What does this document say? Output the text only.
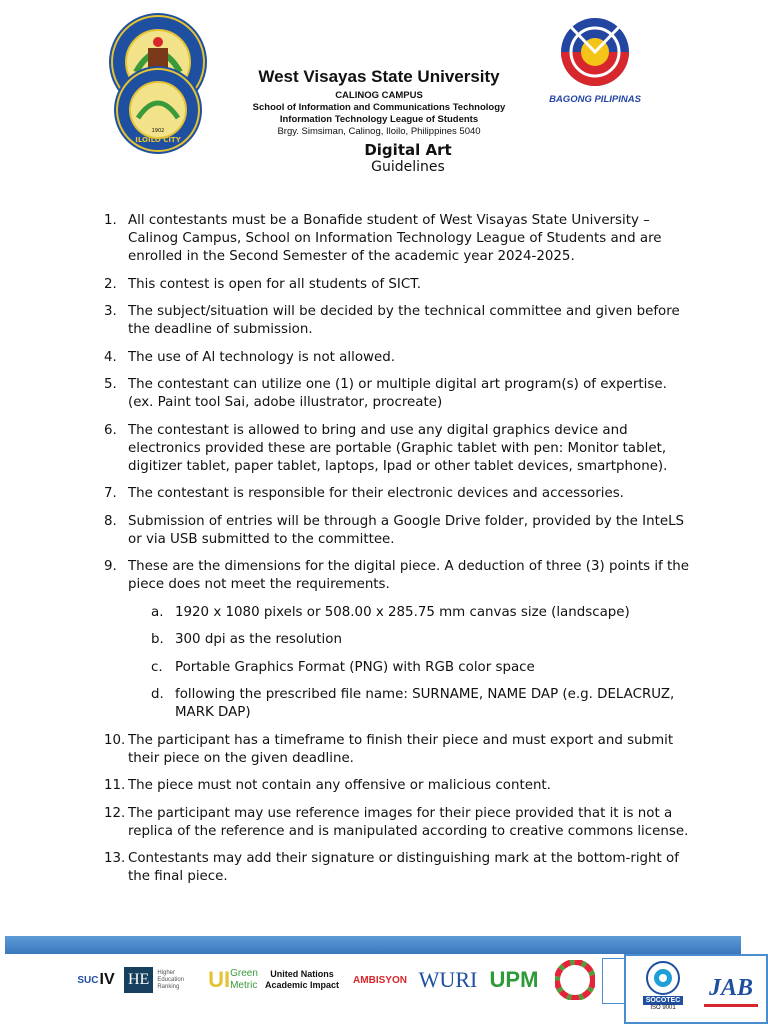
ILOILO CITY
1902
BAGONG PILIPINAS

West Visayas State University

CALINOG CAMPUS

School of Information and Communications Technology

Information Technology League of Students

Brgy. Simsiman, Calinog, Iloilo, Philippines 5040

Digital Art
Guidelines
1. All contestants must be a Bonafide student of West Visayas State University – Calinog Campus, School on Information Technology League of Students and are enrolled in the Second Semester of the academic year 2024-2025.
2. This contest is open for all students of SICT.
3. The subject/situation will be decided by the technical committee and given before the deadline of submission.
4. The use of Al technology is not allowed.
5. The contestant can utilize one (1) or multiple digital art program(s) of expertise. (ex. Paint tool Sai, adobe illustrator, procreate)
6. The contestant is allowed to bring and use any digital graphics device and electronics provided these are portable (Graphic tablet with pen: Monitor tablet, digitizer tablet, paper tablet, laptops, Ipad or other tablet devices, smartphone).
7. The contestant is responsible for their electronic devices and accessories.
8. Submission of entries will be through a Google Drive folder, provided by the InteLS or via USB submitted to the committee.
9. These are the dimensions for the digital piece. A deduction of three (3) points if the piece does not meet the requirements.
a. 1920 x 1080 pixels or 508.00 x 285.75 mm canvas size (landscape)
b. 300 dpi as the resolution
c. Portable Graphics Format (PNG) with RGB color space
d. following the prescribed file name: SURNAME, NAME DAP (e.g. DELACRUZ, MARK DAP)
10. The participant has a timeframe to finish their piece and must export and submit their piece on the given deadline.
11. The piece must not contain any offensive or malicious content.
12. The participant may use reference images for their piece provided that it is not a replica of the reference and is manipulated according to creative commons license.
13. Contestants may add their signature or distinguishing mark at the bottom-right of the final piece.
SUC IV HE	Higher Education Ranking	UI Green
Metric
United Nations
Academic Impact AMBISYON WURI UPM
SOCOTEC
ISO 9001
JAB
